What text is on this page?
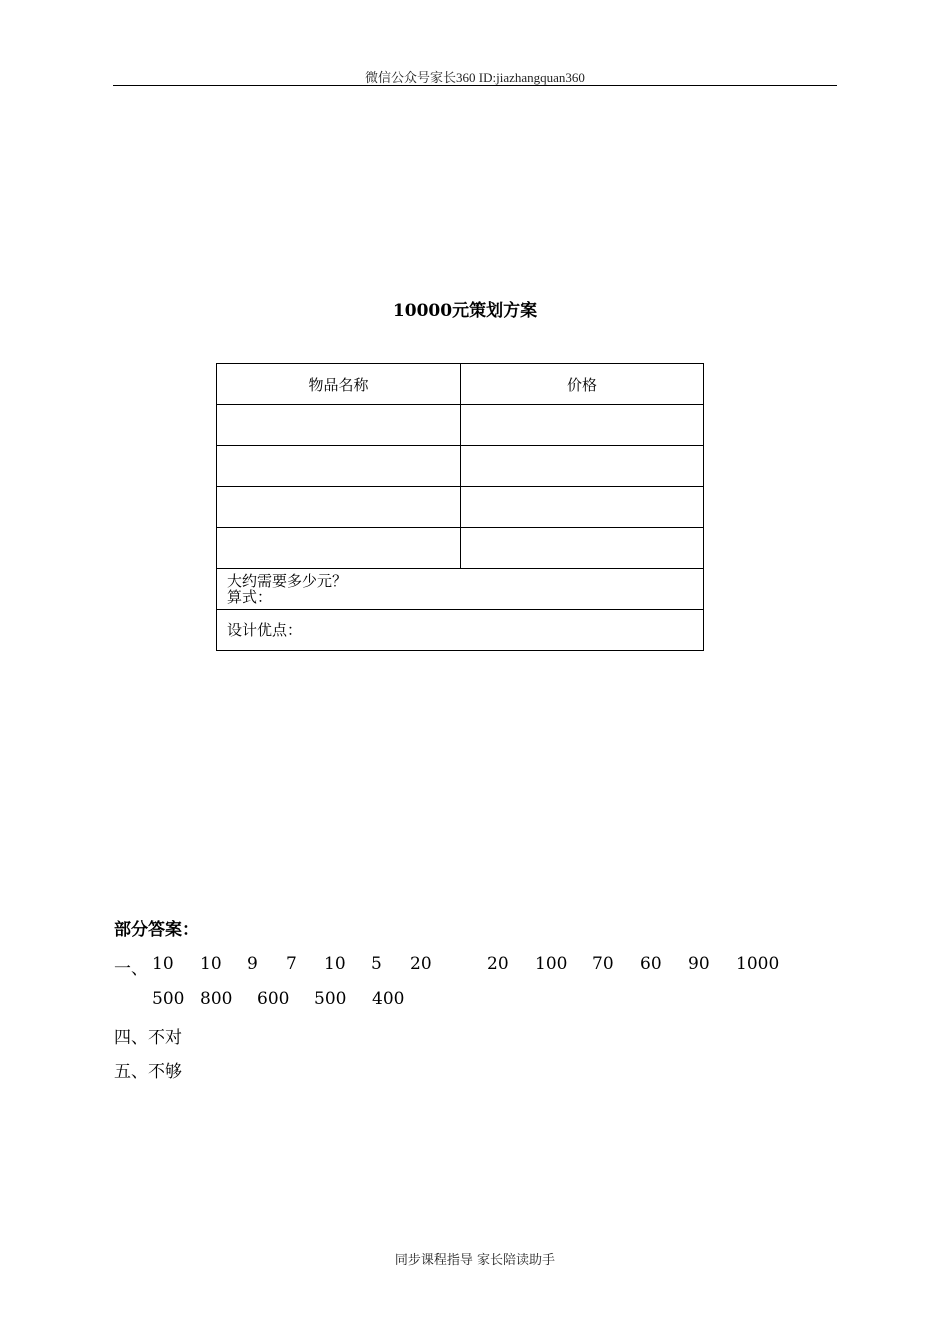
微信公众号家长360 ID:jiazhangquan360
10000元策划方案
物品名称	价格

大约需要多少元？
算式：	

设计优点：	
部分答案：
一、 10 10 9 7 10 5 20	20 100 70 60 90 1000
500 800 600 500 400
四、不对
五、不够
同步课程指导 家长陪读助手
